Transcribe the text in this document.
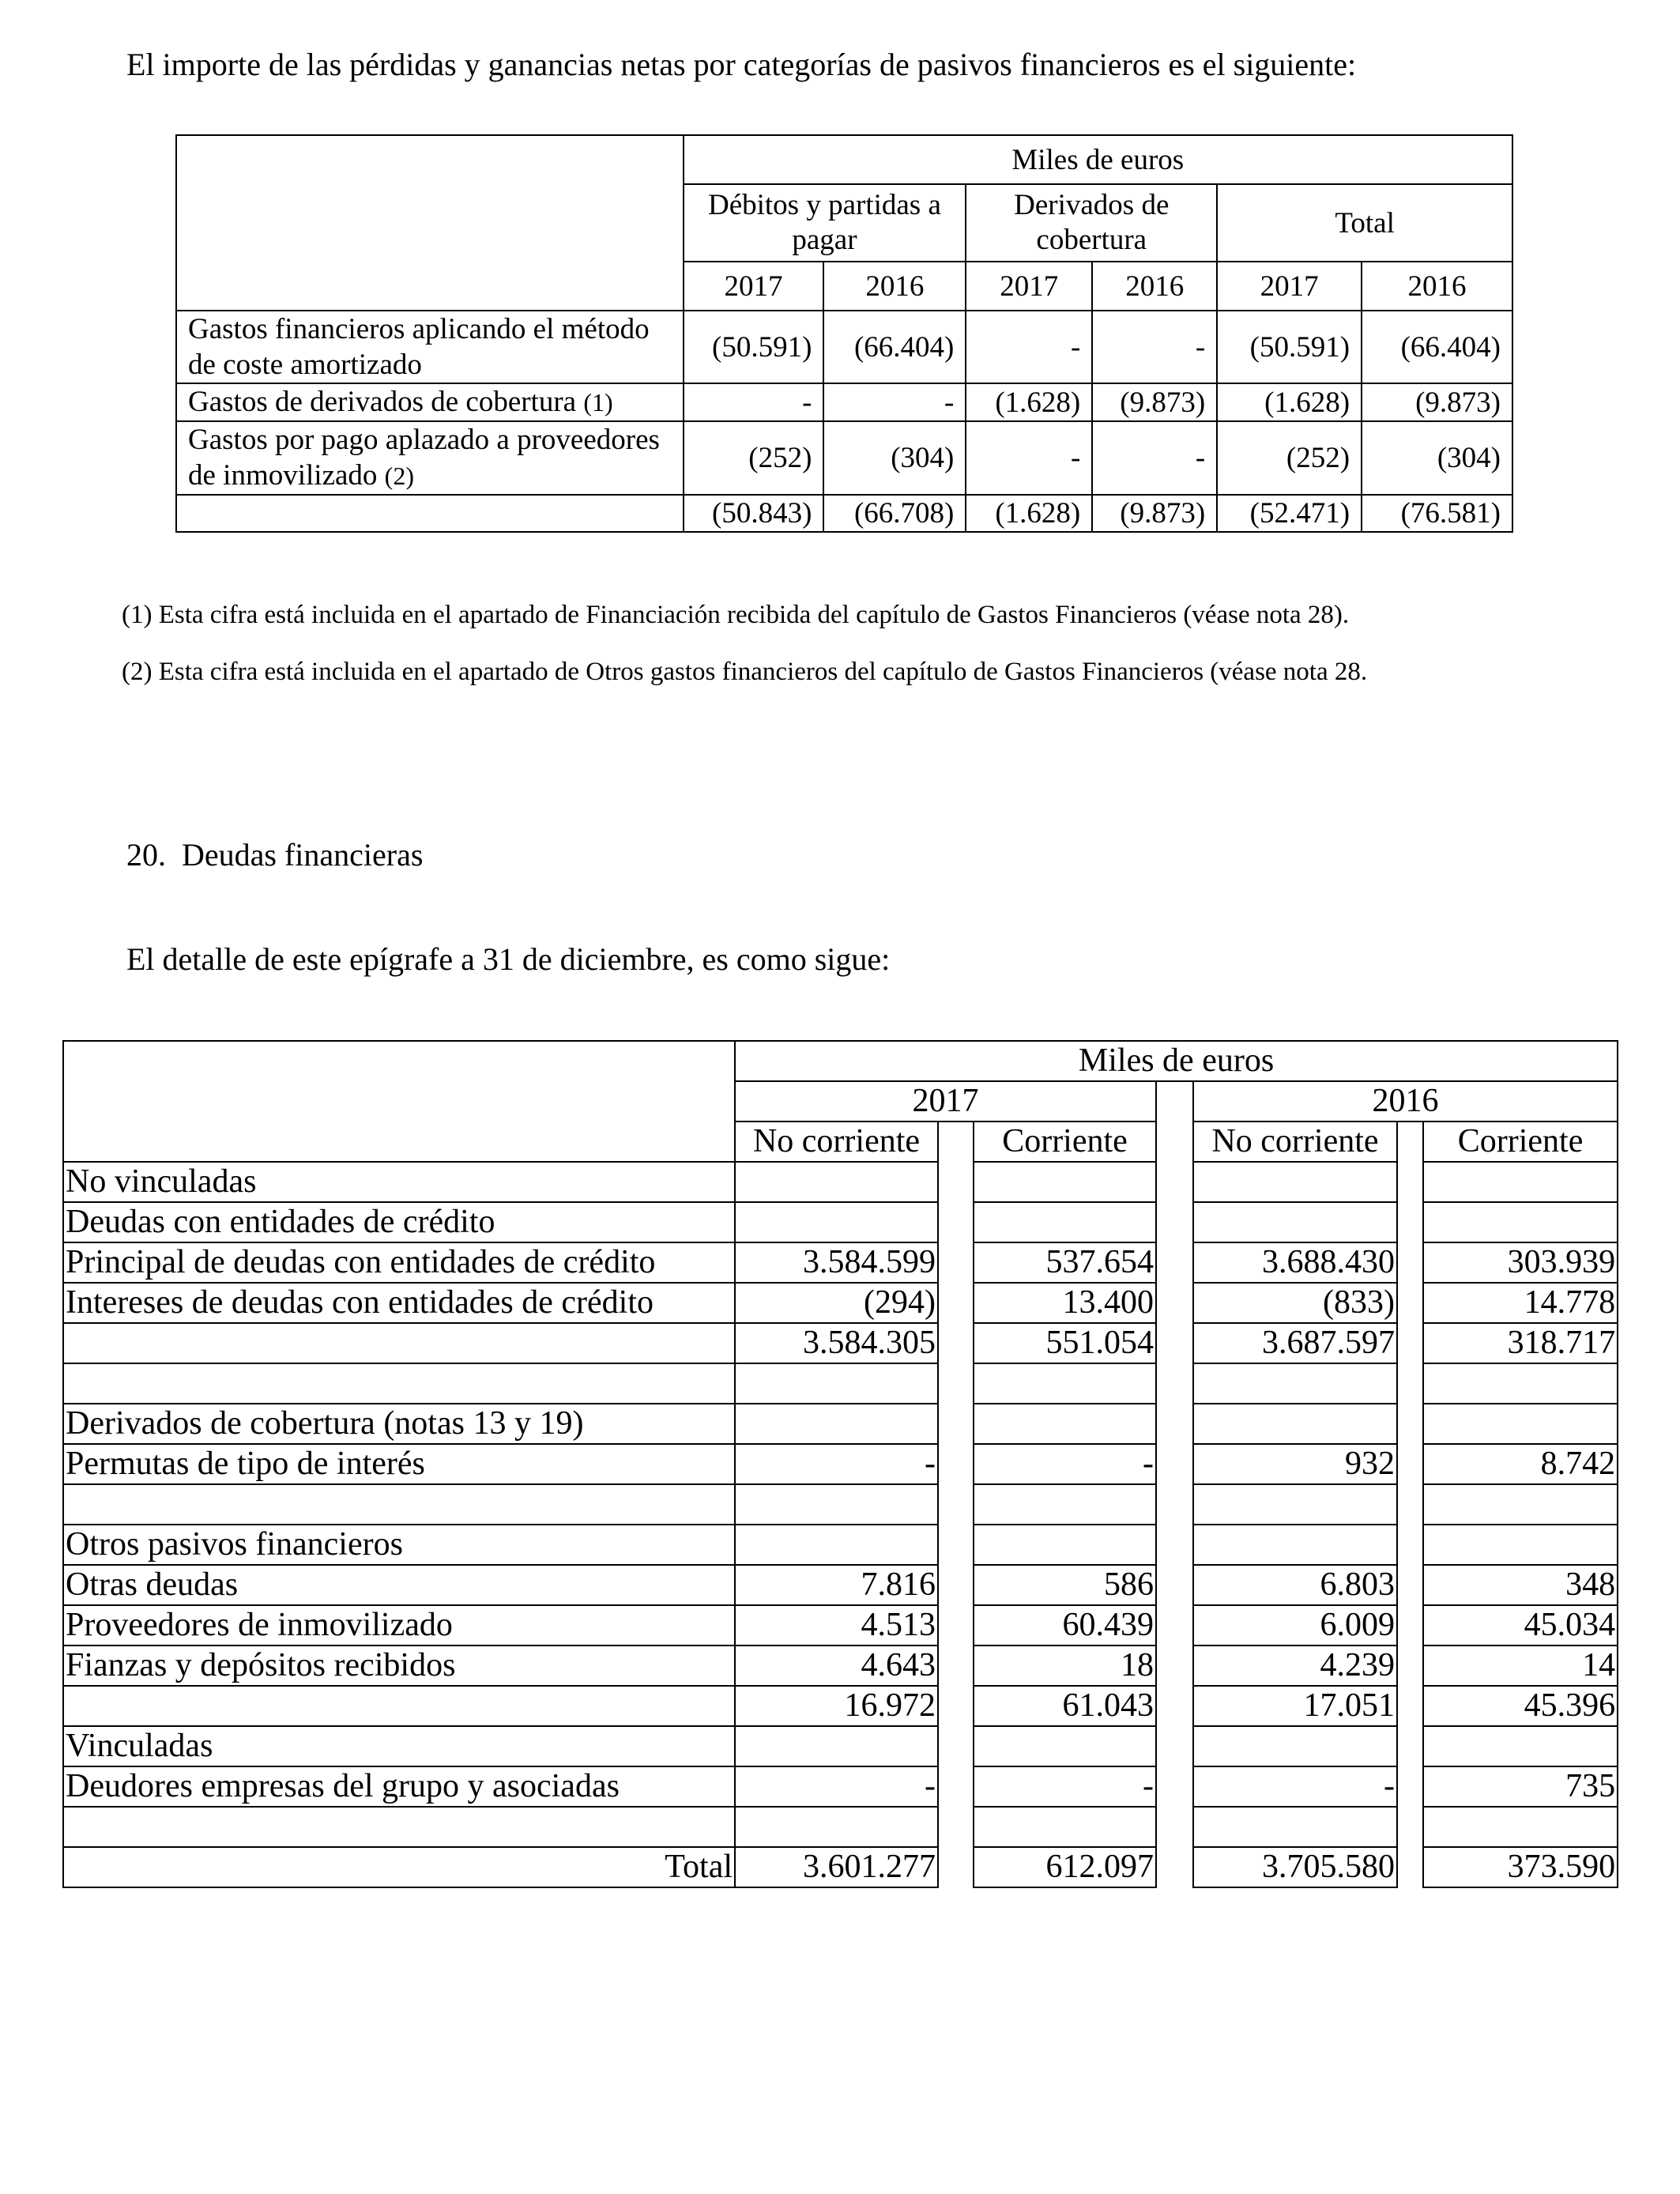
El importe de las pérdidas y ganancias netas por categorías de pasivos financieros es el siguiente:
	Miles de euros					
	Débitos y partidas a pagar		Derivados de cobertura		Total	
	2017	2016	2017	2016	2017	2016
Gastos financieros aplicando el método de coste amortizado	(50.591)	(66.404)	-	-	(50.591)	(66.404)
Gastos de derivados de cobertura (1)	-	-	(1.628)	(9.873)	(1.628)	(9.873)
Gastos por pago aplazado a proveedores de inmovilizado (2)	(252)	(304)	-	-	(252)	(304)
	(50.843)	(66.708)	(1.628)	(9.873)	(52.471)	(76.581)
(1) Esta cifra está incluida en el apartado de Financiación recibida del capítulo de Gastos Financieros (véase nota 28).
(2) Esta cifra está incluida en el apartado de Otros gastos financieros del capítulo de Gastos Financieros (véase nota 28.
20. Deudas financieras
El detalle de este epígrafe a 31 de diciembre, es como sigue:
	Miles de euros						
	2017				2016		
	No corriente		Corriente		No corriente		Corriente
No vinculadas							
Deudas con entidades de crédito							
Principal de deudas con entidades de crédito	3.584.599		537.654		3.688.430		303.939
Intereses de deudas con entidades de crédito	(294)		13.400		(833)		14.778
	3.584.305		551.054		3.687.597		318.717

Derivados de cobertura (notas 13 y 19)							
Permutas de tipo de interés	-		-		932		8.742

Otros pasivos financieros							
Otras deudas	7.816		586		6.803		348
Proveedores de inmovilizado	4.513		60.439		6.009		45.034
Fianzas y depósitos recibidos	4.643		18		4.239		14
	16.972		61.043		17.051		45.396
Vinculadas							
Deudores empresas del grupo y asociadas	-		-		-		735

Total	3.601.277		612.097		3.705.580		373.590
